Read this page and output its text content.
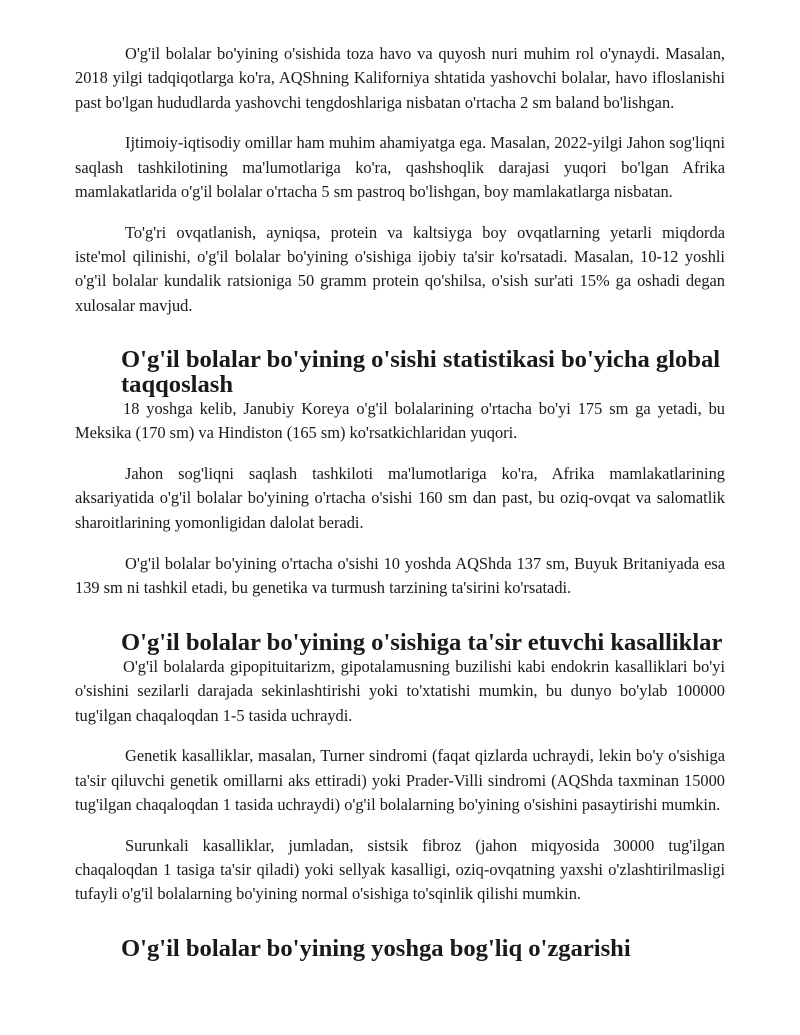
O'g'il bolalar bo'yining o'sishida toza havo va quyosh nuri muhim rol o'ynaydi. Masalan, 2018 yilgi tadqiqotlarga ko'ra, AQShning Kaliforniya shtatida yashovchi bolalar, havo ifloslanishi past bo'lgan hududlarda yashovchi tengdoshlariga nisbatan o'rtacha 2 sm baland bo'lishgan.

Ijtimoiy-iqtisodiy omillar ham muhim ahamiyatga ega. Masalan, 2022-yilgi Jahon sog'liqni saqlash tashkilotining ma'lumotlariga ko'ra, qashshoqlik darajasi yuqori bo'lgan Afrika mamlakatlarida o'g'il bolalar o'rtacha 5 sm pastroq bo'lishgan, boy mamlakatlarga nisbatan.

To'g'ri ovqatlanish, ayniqsa, protein va kaltsiyga boy ovqatlarning yetarli miqdorda iste'mol qilinishi, o'g'il bolalar bo'yining o'sishiga ijobiy ta'sir ko'rsatadi. Masalan, 10-12 yoshli o'g'il bolalar kundalik ratsioniga 50 gramm protein qo'shilsa, o'sish sur'ati 15% ga oshadi degan xulosalar mavjud.

O'g'il bolalar bo'yining o'sishi statistikasi bo'yicha global taqqoslash

18 yoshga kelib, Janubiy Koreya o'g'il bolalarining o'rtacha bo'yi 175 sm ga yetadi, bu Meksika (170 sm) va Hindiston (165 sm) ko'rsatkichlaridan yuqori.

Jahon sog'liqni saqlash tashkiloti ma'lumotlariga ko'ra, Afrika mamlakatlarining aksariyatida o'g'il bolalar bo'yining o'rtacha o'sishi 160 sm dan past, bu oziq-ovqat va salomatlik sharoitlarining yomonligidan dalolat beradi.

O'g'il bolalar bo'yining o'rtacha o'sishi 10 yoshda AQShda 137 sm, Buyuk Britaniyada esa 139 sm ni tashkil etadi, bu genetika va turmush tarzining ta'sirini ko'rsatadi.

O'g'il bolalar bo'yining o'sishiga ta'sir etuvchi kasalliklar

O'g'il bolalarda gipopituitarizm, gipotalamusning buzilishi kabi endokrin kasalliklari bo'yi o'sishini sezilarli darajada sekinlashtirishi yoki to'xtatishi mumkin, bu dunyo bo'ylab 100000 tug'ilgan chaqaloqdan 1-5 tasida uchraydi.

Genetik kasalliklar, masalan, Turner sindromi (faqat qizlarda uchraydi, lekin bo'y o'sishiga ta'sir qiluvchi genetik omillarni aks ettiradi) yoki Prader-Villi sindromi (AQShda taxminan 15000 tug'ilgan chaqaloqdan 1 tasida uchraydi) o'g'il bolalarning bo'yining o'sishini pasaytirishi mumkin.

Surunkali kasalliklar, jumladan, sistsik fibroz (jahon miqyosida 30000 tug'ilgan chaqaloqdan 1 tasiga ta'sir qiladi) yoki sellyak kasalligi, oziq-ovqatning yaxshi o'zlashtirilmasligi tufayli o'g'il bolalarning bo'yining normal o'sishiga to'sqinlik qilishi mumkin.

O'g'il bolalar bo'yining yoshga bog'liq o'zgarishi
